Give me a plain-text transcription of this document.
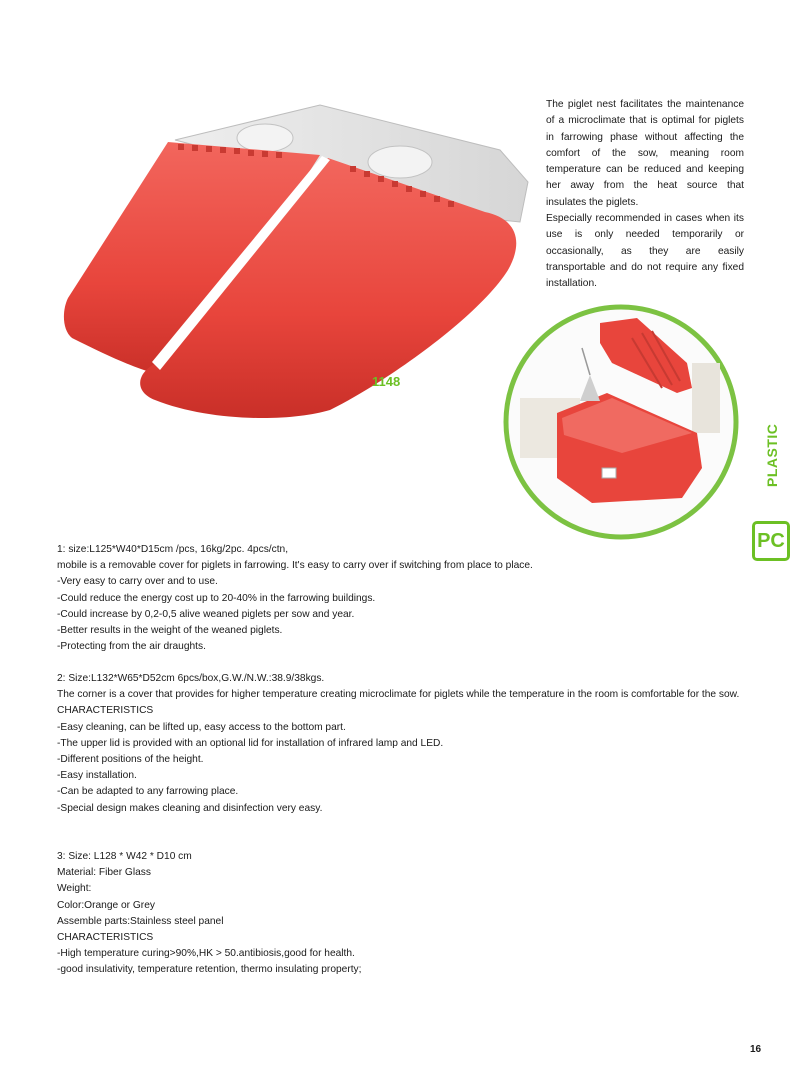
The piglet nest facilitates the maintenance of a microclimate that is optimal for piglets in farrowing phase without affecting the comfort of the sow, meaning room temperature can be reduced and keeping her away from the heat source that insulates the piglets.

Especially recommended in cases when its use is only needed temporarily or occasionally, as they are easily transportable and do not require any fixed installation.

1148
PLASTIC
PC
1: size:L125*W40*D15cm /pcs, 16kg/2pc. 4pcs/ctn,
mobile is a removable cover for piglets in farrowing. It's easy to carry over if switching from place to place.
-Very easy to carry over and to use.
-Could reduce the energy cost up to 20-40% in the farrowing buildings.
-Could increase by 0,2-0,5 alive weaned piglets per sow and year.
-Better results in the weight of the weaned piglets.
-Protecting from the air draughts.
2: Size:L132*W65*D52cm 6pcs/box,G.W./N.W.:38.9/38kgs.
The corner is a cover that provides for higher temperature creating microclimate for piglets while the temperature in the room is comfortable for the sow.
CHARACTERISTICS
-Easy cleaning, can be lifted up, easy access to the bottom part.
-The upper lid is provided with an optional lid for installation of infrared lamp and LED.
-Different positions of the height.
-Easy installation.
-Can be adapted to any farrowing place.
-Special design makes cleaning and disinfection very easy.
3: Size: L128 * W42 * D10 cm
Material: Fiber Glass
Weight:
Color:Orange or Grey
Assemble parts:Stainless steel panel
CHARACTERISTICS
-High temperature curing>90%,HK > 50.antibiosis,good for health.
-good insulativity, temperature retention, thermo insulating property;
16
